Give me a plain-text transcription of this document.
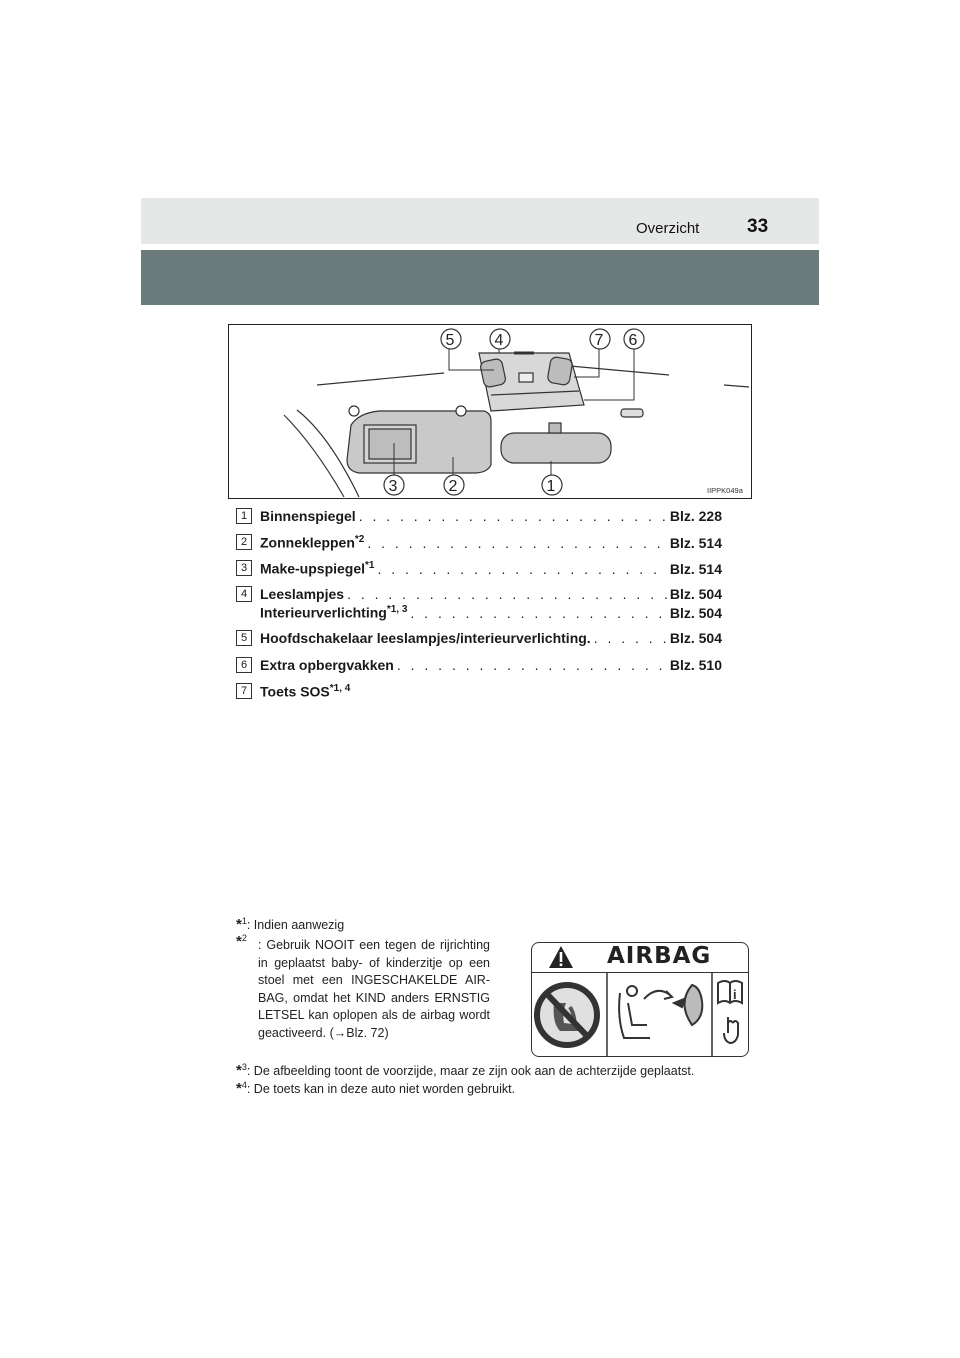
Overzicht	33
5	4	7 6
3	2	1	IIPPK049a
1 Binnenspiegel . . .	Blz. 228
2 Zonnekleppen$^{*2}$ . . .	Blz. 514
3 Make-upspiegel$^{*1}$ . . .	Blz. 514
4 Leeslampjes . . .	Blz. 504
Interieurverlichting$^{*1, 3}$ . . .	Blz. 504
5 Hoofdschakelaar leeslampjes/interieurverlichting. . . .	Blz. 504
6 Extra opbergvakken . . .	Blz. 510
7 Toets SOS$^{*1, 4}$
*$^1$: Indien aanwezig
*$^2$ : Gebruik NOOIT een tegen de rijrichting in geplaatst baby- of kinderzitje op een stoel met een INGESCHAKELDE AIR-BAG, omdat het KIND anders ERNSTIG LETSEL kan oplopen als de airbag wordt geactiveerd. (→Blz. 72)
AIRBAG
i
*$^3$: De afbeelding toont de voorzijde, maar ze zijn ook aan de achterzijde geplaatst.
*$^4$: De toets kan in deze auto niet worden gebruikt.
